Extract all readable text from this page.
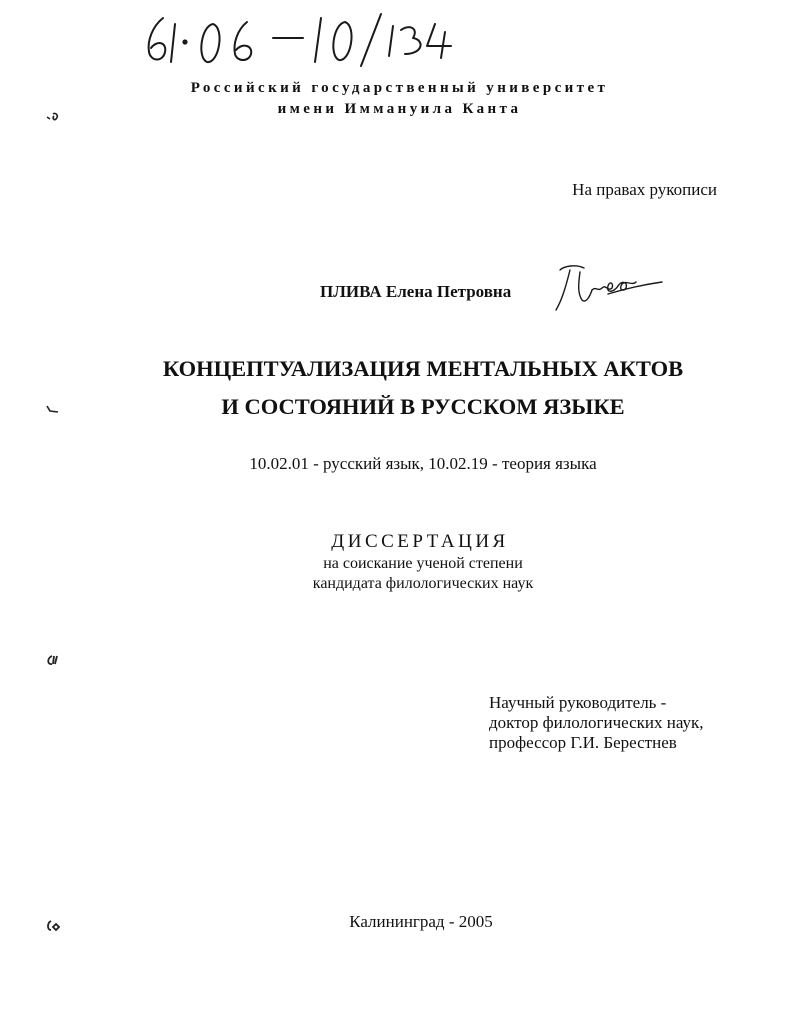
Российский государственный университет
имени Иммануила Канта
На правах рукописи
ПЛИВА Елена Петровна
КОНЦЕПТУАЛИЗАЦИЯ МЕНТАЛЬНЫХ АКТОВ
И СОСТОЯНИЙ В РУССКОМ ЯЗЫКЕ
10.02.01 - русский язык, 10.02.19 - теория языка
ДИССЕРТАЦИЯ
на соискание ученой степени
кандидата филологических наук
Научный руководитель -
доктор филологических наук,
профессор Г.И. Берестнев
Калининград - 2005
